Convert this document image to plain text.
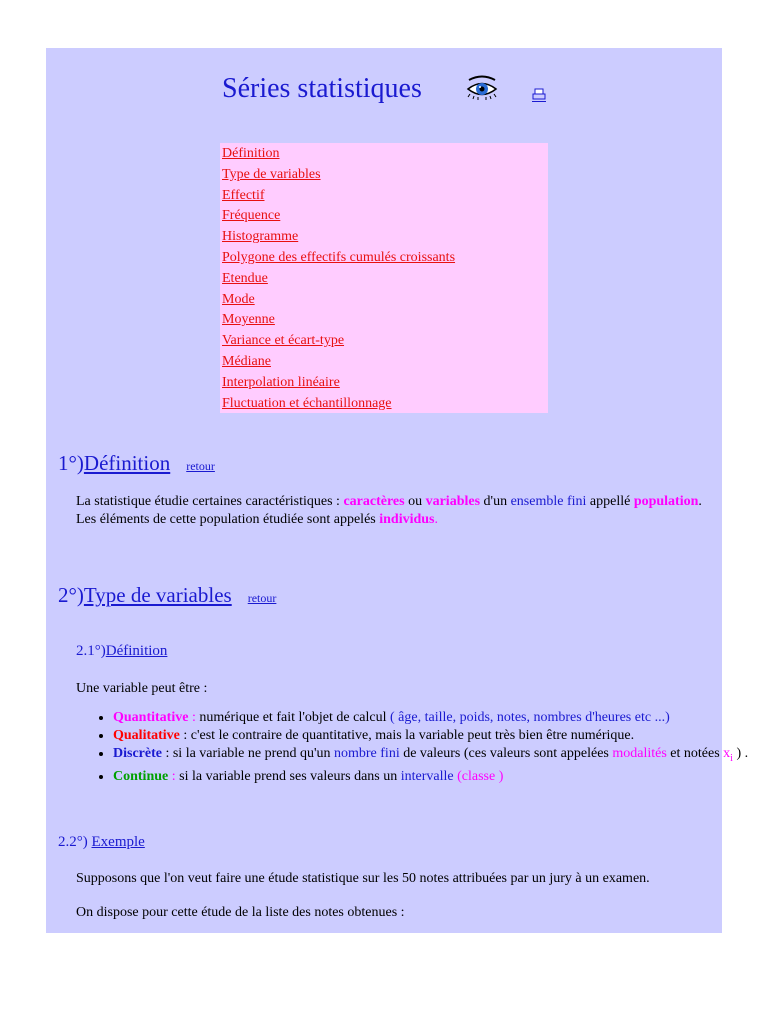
Séries statistiques
Définition
Type de variables
Effectif
Fréquence
Histogramme
Polygone des effectifs cumulés croissants
Etendue
Mode
Moyenne
Variance et écart-type
Médiane
Interpolation linéaire
Fluctuation et échantillonnage
1°)Définition retour
La statistique étudie certaines caractéristiques : caractères ou variables d'un ensemble fini appellé population. Les éléments de cette population étudiée sont appelés individus.
2°)Type de variables retour
2.1°)Définition
Une variable peut être :
• Quantitative : numérique et fait l'objet de calcul ( âge, taille, poids, notes, nombres d'heures etc ...)
• Qualitative : c'est le contraire de quantitative, mais la variable peut très bien être numérique.
• Discrète : si la variable ne prend qu'un nombre fini de valeurs (ces valeurs sont appelées modalités et notées $x_i$ ) .
• Continue : si la variable prend ses valeurs dans un intervalle (classe )
2.2°) Exemple
Supposons que l'on veut faire une étude statistique sur les 50 notes attribuées par un jury à un examen.
On dispose pour cette étude de la liste des notes obtenues :
